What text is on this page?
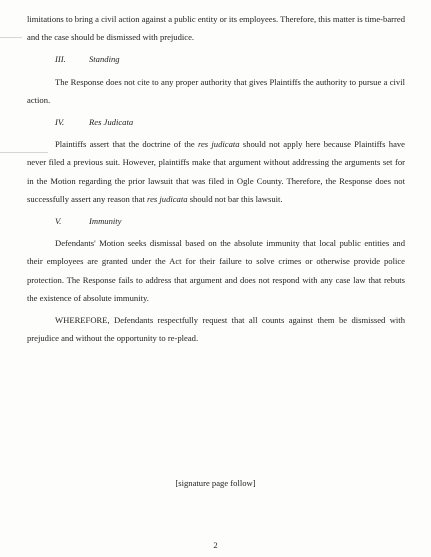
limitations to bring a civil action against a public entity or its employees. Therefore, this matter is time-barred and the case should be dismissed with prejudice.

III.	Standing

The Response does not cite to any proper authority that gives Plaintiffs the authority to pursue a civil action.

IV.	Res Judicata

Plaintiffs assert that the doctrine of the res judicata should not apply here because Plaintiffs have never filed a previous suit. However, plaintiffs make that argument without addressing the arguments set for in the Motion regarding the prior lawsuit that was filed in Ogle County. Therefore, the Response does not successfully assert any reason that res judicata should not bar this lawsuit.

V.	Immunity

Defendants' Motion seeks dismissal based on the absolute immunity that local public entities and their employees are granted under the Act for their failure to solve crimes or otherwise provide police protection. The Response fails to address that argument and does not respond with any case law that rebuts the existence of absolute immunity.

WHEREFORE, Defendants respectfully request that all counts against them be dismissed with prejudice and without the opportunity to re-plead.

[signature page follow]
2
